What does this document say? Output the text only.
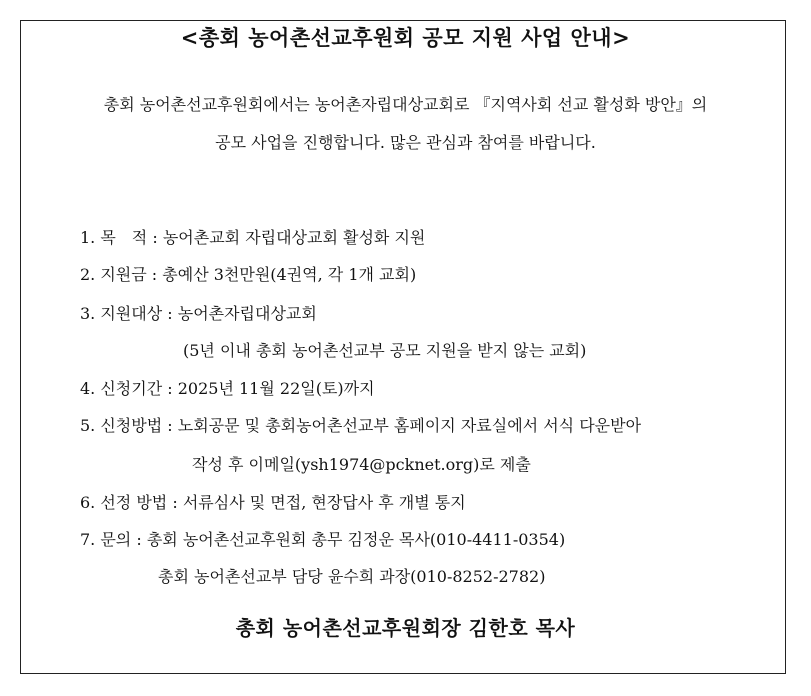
<총회 농어촌선교후원회 공모 지원 사업 안내>
총회 농어촌선교후원회에서는 농어촌자립대상교회로 『지역사회 선교 활성화 방안』의
공모 사업을 진행합니다. 많은 관심과 참여를 바랍니다.
1. 목　적 : 농어촌교회 자립대상교회 활성화 지원
2. 지원금 : 총예산 3천만원(4권역, 각 1개 교회)
3. 지원대상 : 농어촌자립대상교회
(5년 이내 총회 농어촌선교부 공모 지원을 받지 않는 교회)
4. 신청기간 : 2025년 11월 22일(토)까지
5. 신청방법 : 노회공문 및 총회농어촌선교부 홈페이지 자료실에서 서식 다운받아
작성 후 이메일(ysh1974@pcknet.org)로 제출
6. 선정 방법 : 서류심사 및 면접, 현장답사 후 개별 통지
7. 문의 : 총회 농어촌선교후원회 총무 김정운 목사(010-4411-0354)
총회 농어촌선교부 담당 윤수희 과장(010-8252-2782)
총회 농어촌선교후원회장 김한호 목사
